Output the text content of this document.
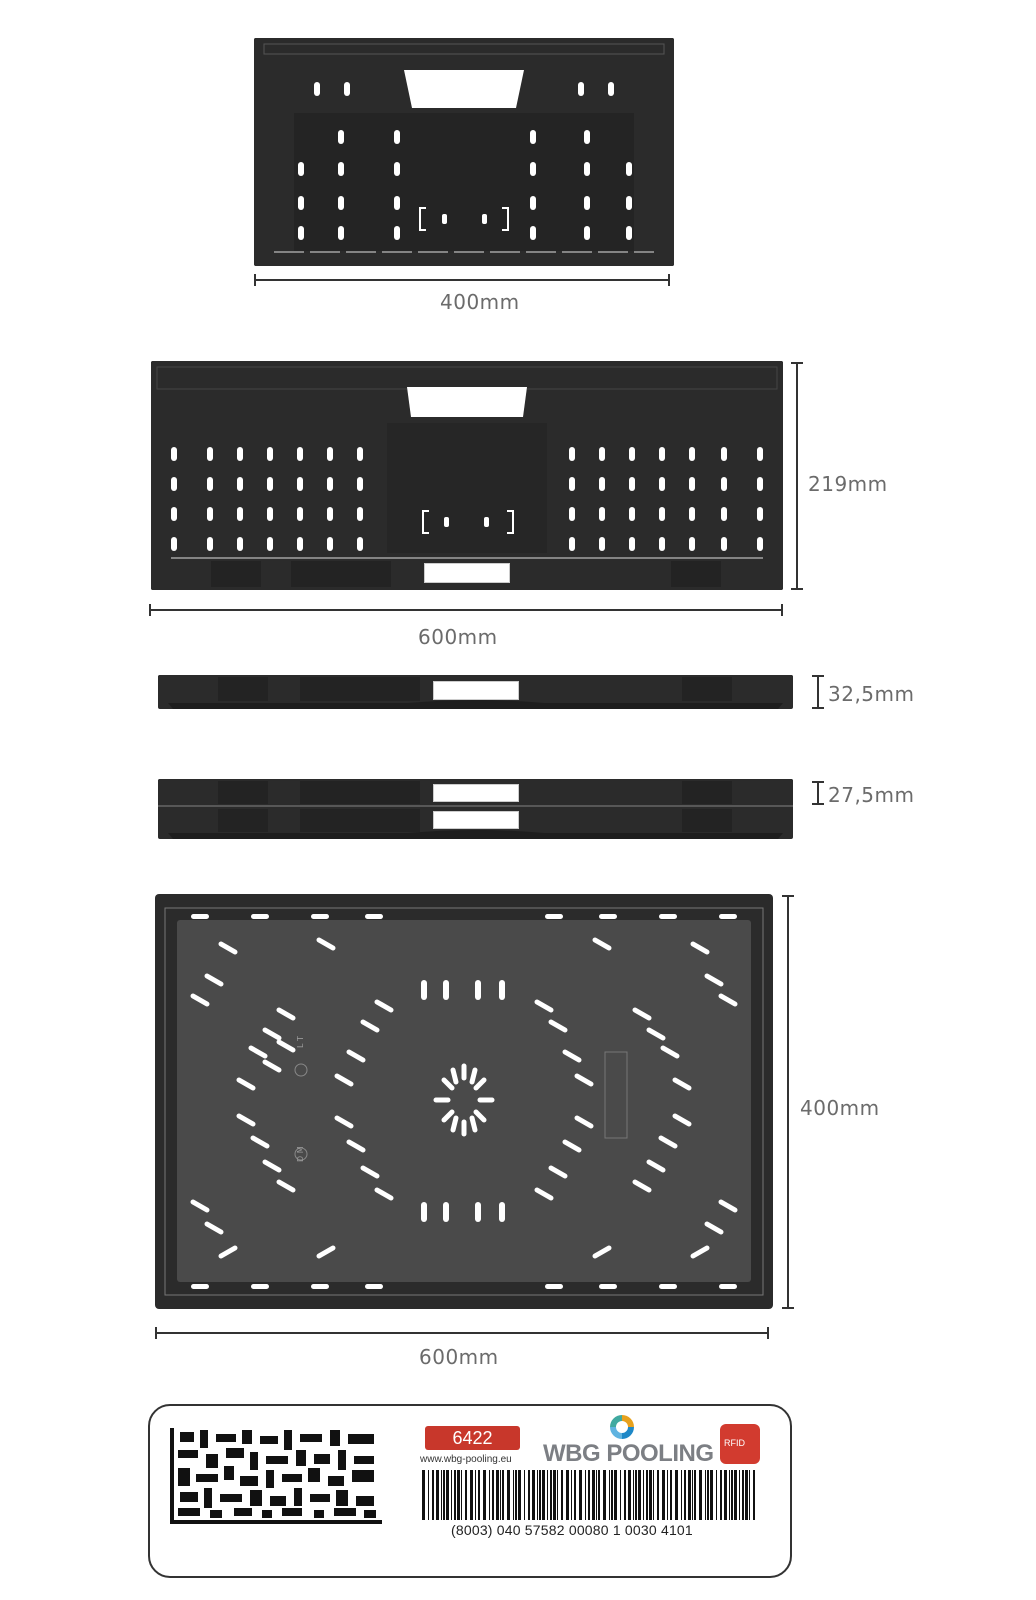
400mm
600mm
219mm
32,5mm
27,5mm
L T
D M
600mm
400mm
6422
www.wbg-pooling.eu WBG POOLING RFID
(8003) 040 57582 00080 1 0030 4101
